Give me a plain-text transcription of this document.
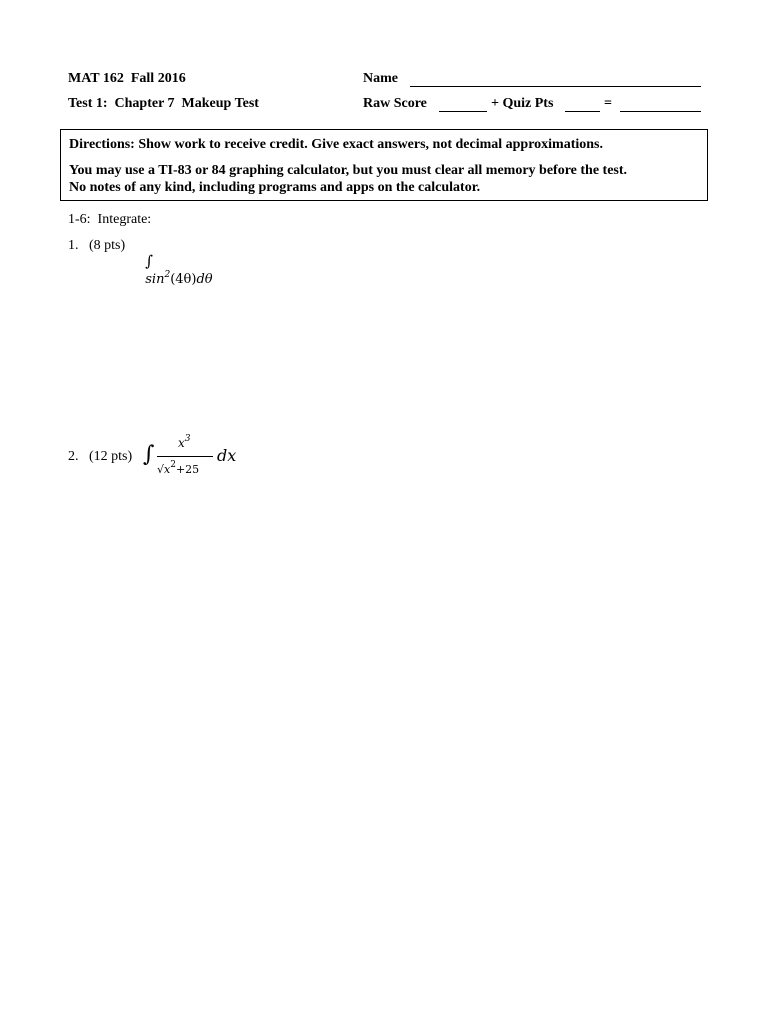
MAT 162  Fall 2016
Test 1:  Chapter 7  Makeup Test
Name
Raw Score	+ Quiz Pts	=

Directions: Show work to receive credit. Give exact answers, not decimal approximations.

You may use a TI-83 or 84 graphing calculator, but you must clear all memory before the test.

No notes of any kind, including programs and apps on the calculator.

1-6:  Integrate:
1.   (8 pts)

∫
$\sin^2(4\theta)d\theta$

2.   (12 pts) ∫ $x^3$
$√x^2+25$
dx
